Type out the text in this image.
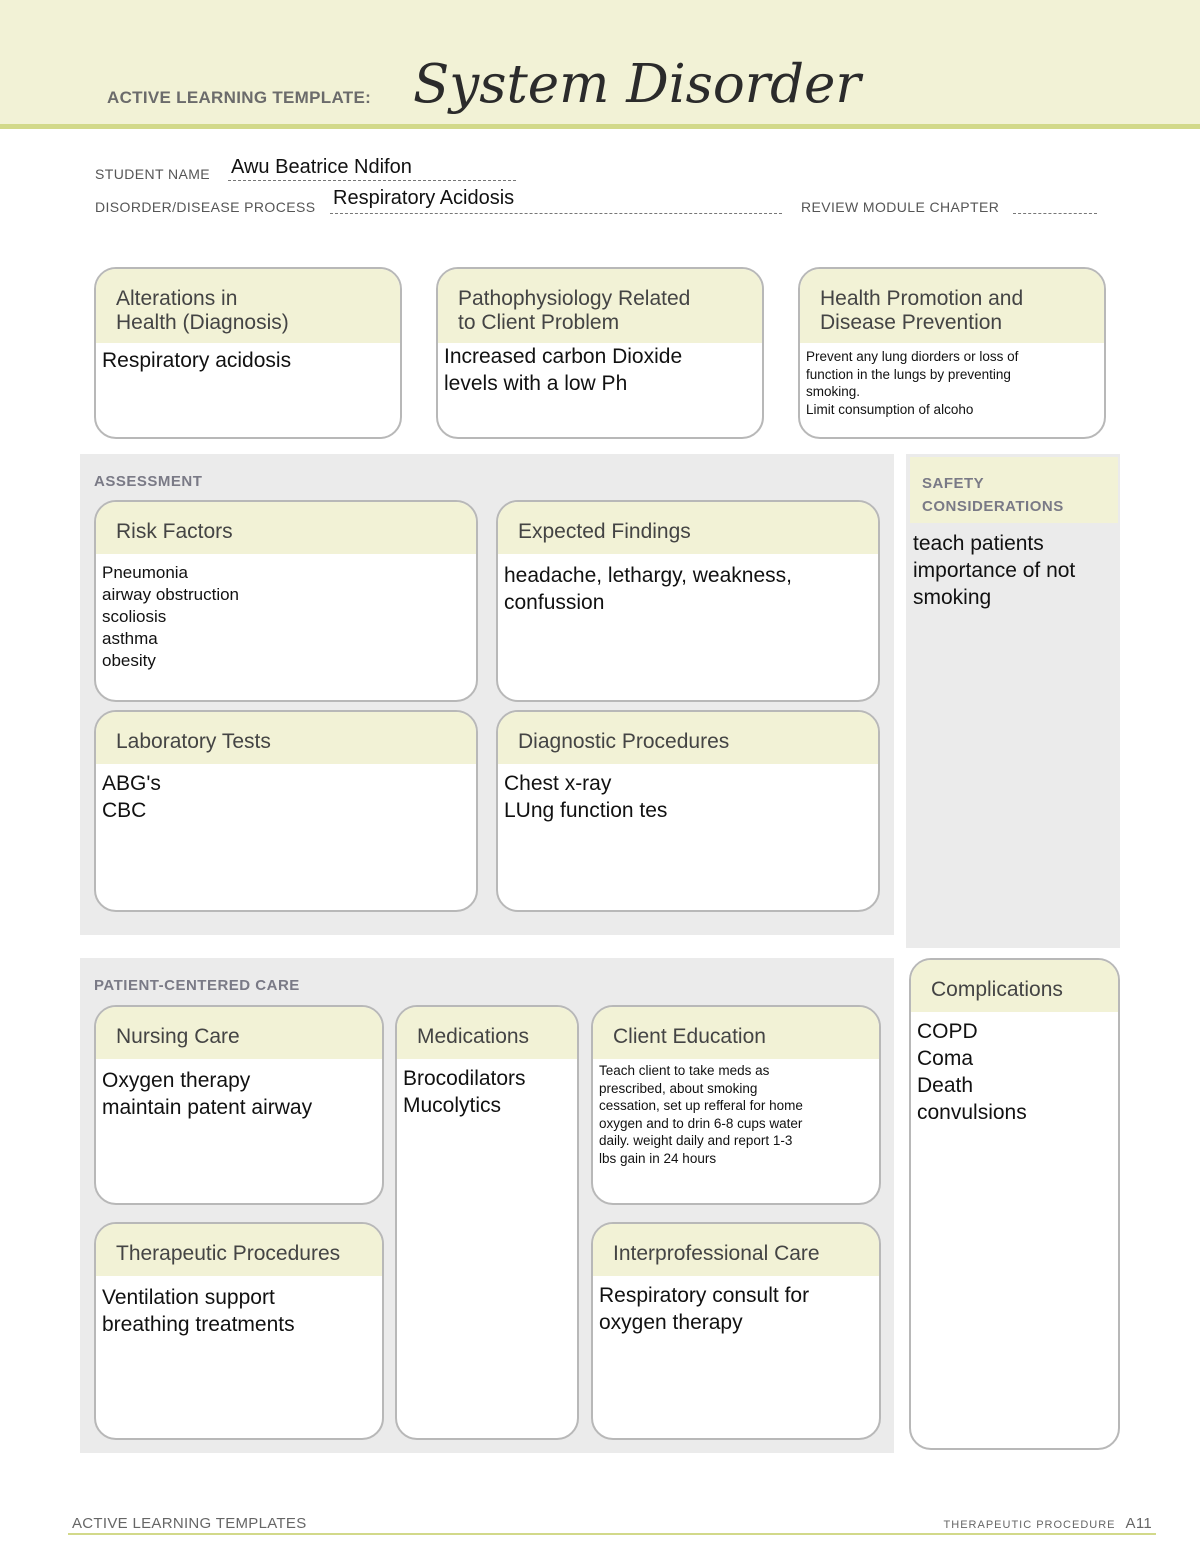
ACTIVE LEARNING TEMPLATE: System Disorder
STUDENT NAME Awu Beatrice Ndifon
DISORDER/DISEASE PROCESS Respiratory Acidosis	REVIEW MODULE CHAPTER
Alterations in
Health (Diagnosis)
Respiratory acidosis
Pathophysiology Related
to Client Problem
Increased carbon Dioxide
levels with a low Ph
Health Promotion and
Disease Prevention
Prevent any lung diorders or loss of
function in the lungs by preventing
smoking.
Limit consumption of alcoho
ASSESSMENT
Risk Factors
Pneumonia
airway obstruction
scoliosis
asthma
obesity
Expected Findings
headache, lethargy, weakness,
confussion
Laboratory Tests
ABG's
CBC
Diagnostic Procedures
Chest x-ray
LUng function tes
SAFETY
CONSIDERATIONS
teach patients
importance of not
smoking
PATIENT-CENTERED CARE
Nursing Care
Oxygen therapy
maintain patent airway
Medications
Brocodilators
Mucolytics
Client Education
Teach client to take meds as
prescribed, about smoking
cessation, set up refferal for home
oxygen and to drin 6-8 cups water
daily. weight daily and report 1-3
lbs gain in 24 hours
Therapeutic Procedures
Ventilation support
breathing treatments
Interprofessional Care
Respiratory consult for
oxygen therapy
Complications
COPD
Coma
Death
convulsions
ACTIVE LEARNING TEMPLATES	THERAPEUTIC PROCEDURE A11
